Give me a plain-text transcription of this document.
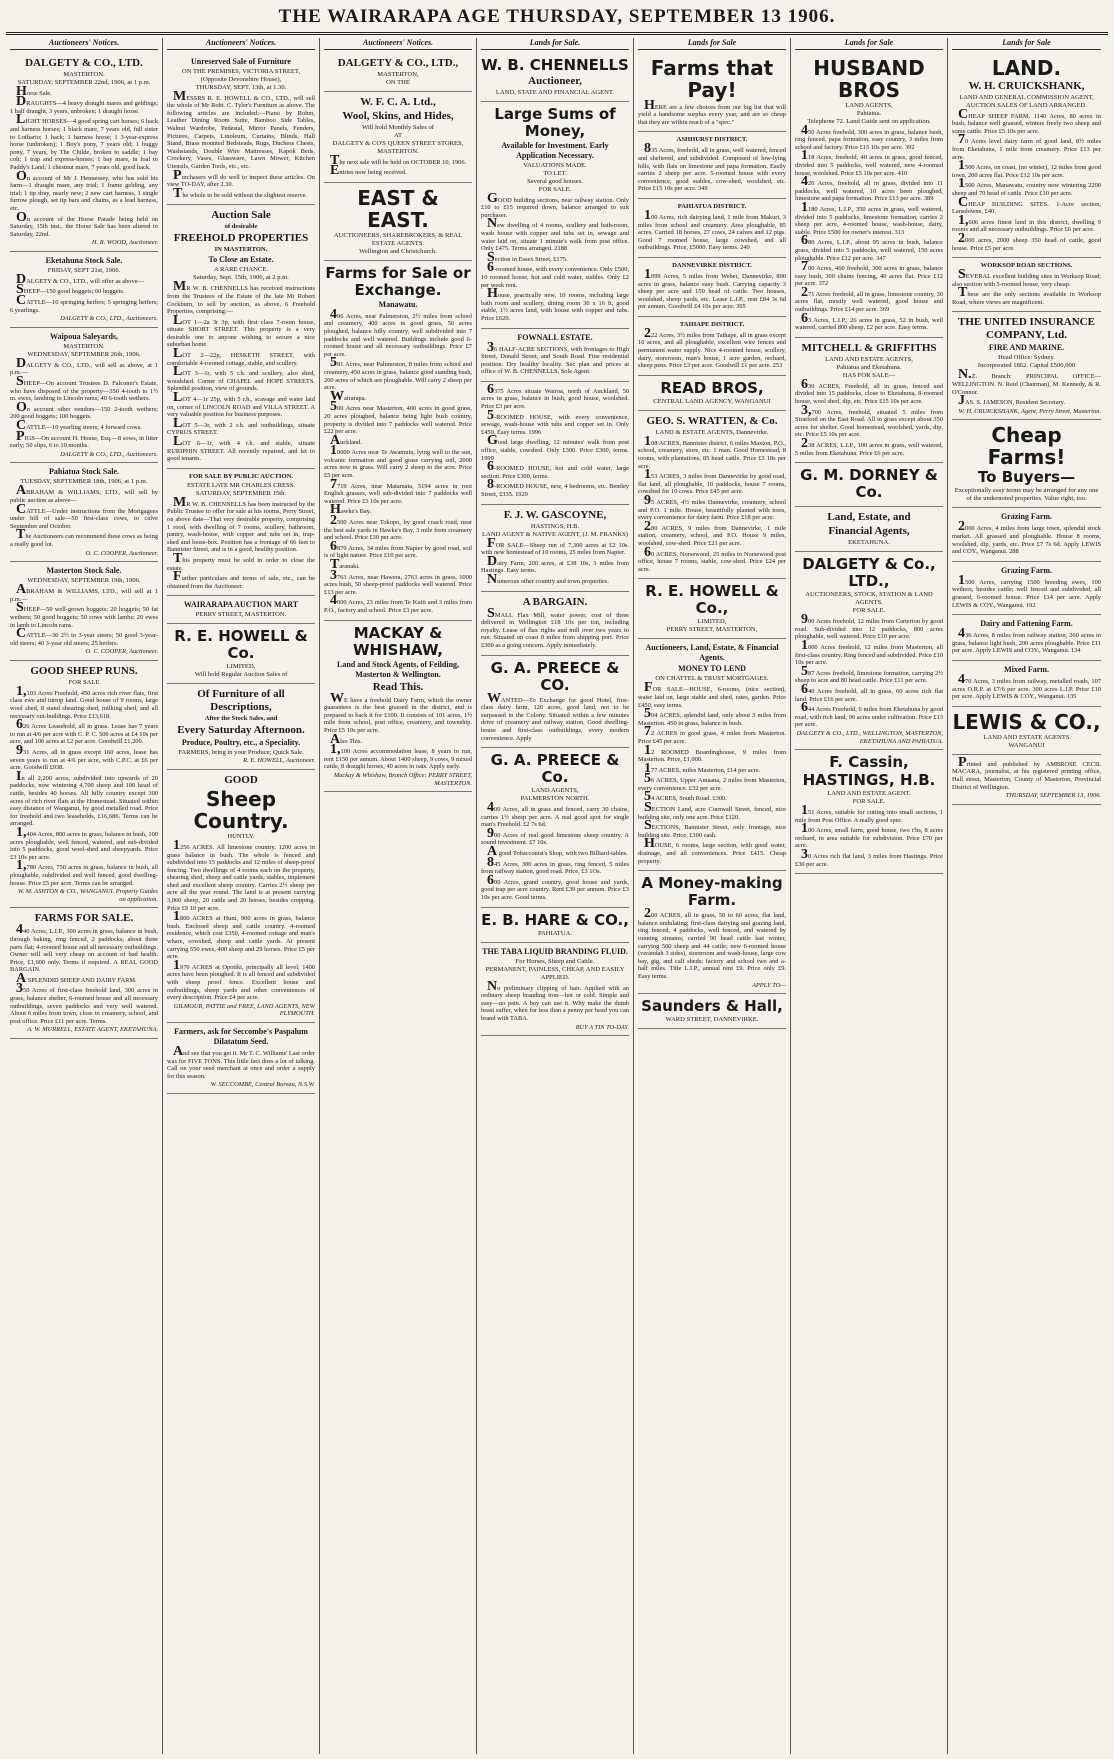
THE WAIRARAPA AGE THURSDAY, SEPTEMBER 13 1906.
Auctioneers' Notices.
DALGETY & CO., LTD.
MASTERTON.
SATURDAY, SEPTEMBER 22nd, 1906, at 1 p.m.
Horse Sale.
DRAUGHTS—4 heavy draught mares and geldings; 1 half draught, 3 years, unbroken; 1 draught horse.
LIGHT HORSES—4 good spring cart horses; 6 hack and harness horses; 1 black mare, 7 years old, full sister to Lothario; 1 hack; 1 harness horse; 1 3-year-express horse (unbroken); 1 Boy's pony, 7 years old; 1 buggy pony, 7 years, by The Childe, broken to saddle; 1 bay colt; 1 trap and express-horses; 1 bay mare, in foal to Paddy's Land; 1 chestnut mare, 7 years old, good hack.
On account of Mr J. Hennessey, who has sold his farm—1 draught mare, any trial; 1 frame gelding, any trial; 1 tip dray, nearly new; 2 new cart harness, 1 single furrow plough, set tip bars and chains, as a lead harness, etc.
On account of the Horse Parade being held on Saturday, 15th inst., the Horse Sale has been altered to Saturday, 22nd.
H. R. WOOD, Auctioneer.
Eketahuna Stock Sale.
FRIDAY, SEPT 21st, 1906.
DALGETY & CO., LTD., will offer as above—
SHEEP—150 good hoggets; 60 hoggets.
CATTLE—10 springing heifers; 5 springing heifers; 6 yearlings.
DALGETY & CO., LTD., Auctioneers.
Waipoua Saleyards,
MASTERTON.
WEDNESDAY, SEPTEMBER 26th, 1906.
DALGETY & CO., LTD., will sell as above, at 1 p.m.—
SHEEP—On account Trustees D. Falconer's Estate, who have disposed of the property—350 4-tooth to 1½ m. ewes, lambing to Lincoln rams; 40 6-tooth wethers.
On account other vendors—150 2-tooth wethers; 200 good hoggets; 100 hoggets.
CATTLE—10 yearling steers; 4 forward cows.
PIGS—On account H. House, Esq.—8 sows, in litter early; 50 slips, 6 to 10 months.
DALGETY & CO., LTD., Auctioneers.
Pahiatua Stock Sale.
TUESDAY, SEPTEMBER 18th, 1906, at 1 p.m.
ABRAHAM & WILLIAMS, LTD., will sell by public auction as above—
CATTLE—Under instructions from the Mortgagees under bill of sale—50 first-class cows, to calve September and October.
The Auctioneers can recommend these cows as being a really good lot.
O. C. COOPER, Auctioneer.
Masterton Stock Sale.
WEDNESDAY, SEPTEMBER 19th, 1906.
ABRAHAM & WILLIAMS, LTD., will sell at 1 p.m.—
SHEEP—50 well-grown hoggets; 20 hoggets; 50 fat wethers; 50 good hoggets; 50 cows with lambs; 20 ewes in lamb to Lincoln rams.
CATTLE—30 2½ to 3-year steers; 50 good 3-year-old steers; 40 3-year old steers; 25 heifers.
O. C. COOPER, Auctioneer.
GOOD SHEEP RUNS.
FOR SALE
1,103 Acres Freehold, 450 acres rich river flats, first class ewe and turnip land. Good house of 9 rooms, large wool shed, 8 stand shearing shed, milking shed, and all necessary out-buildings. Price £13,618.
626 Acres Leasehold, all in grass. Lease has 7 years to run at 4/6 per acre with C. P. C. 500 acres at £4 10s per acre, and 100 acres at £2 per acre. Goodwill £1,200.
931 Acres, all in grass except 160 acres, lease has seven years to run at 4/6 per acre, with C.P.C. at £6 per acre. Goodwill £938.
In all 2,200 acres, subdivided into upwards of 20 paddocks, now wintering 4,700 sheep and 100 head of cattle, besides 40 horses. All hilly country except 300 acres of rich river flats at the Homestead. Situated within easy distance of Wanganui, by good metalled road. Price for freehold and two leaseholds, £16,686. Terms can be arranged.
1,404 Acres, 800 acres in grass, balance in bush, 100 acres ploughable, well fenced, watered, and sub-divided into 5 paddocks, good wool-shed and sheepyards. Price £3 10s per acre.
1,780 Acres, 750 acres in grass, balance in bush, all ploughable, subdivided and well fenced, good dwelling-house. Price £5 per acre. Terms can be arranged.
W. M. ASHTON & CO., WANGANUI. Property Guides on application.
FARMS FOR SALE.
440 Acres, L.I.P., 300 acres in grass, balance in bush, through baking, ring fenced, 2 paddocks, about three parts flat; 4-roomed house and all necessary outbuildings. Owner will sell very cheap on account of bad health. Price, £1,600 only. Terms if required. A REAL GOOD BARGAIN.
A SPLENDID SHEEP AND DAIRY FARM.
350 Acres of first-class freehold land, 300 acres in grass, balance shelter, 6-roomed house and all necessary outbuildings, seven paddocks and very well watered. About 6 miles from town, close to creamery, school, and post office. Price £11 per acre. Terms.
A. W. MURRELL, ESTATE AGENT, EKETAHUNA.
Auctioneers' Notices.
Unreserved Sale of Furniture
ON THE PREMISES, VICTORIA STREET,
(Opposite Devonshire House),
THURSDAY, SEPT. 13th, at 1.30.
MESSRS R. E. HOWELL & CO., LTD., will sell the whole of Mr Robt. C. Tyler's Furniture as above. The following articles are included:—Piano by Rohm, Leather Dining Room Suite, Bamboo Side Tables, Walnut Wardrobe, Pedestal, Mirror Panels, Fenders, Pictures, Carpets, Linoleum, Curtains, Blinds, Hall Stand, Brass mounted Bedsteads, Rugs, Duchess Chests, Washstands, Double Wire Mattresses, Kapok Beds, Crockery, Vases, Glassware, Lawn Mower, Kitchen Utensils, Garden Tools, etc., etc.
Purchasers will do well to inspect these articles. On view TO-DAY, after 2.30.
The whole to be sold without the slightest reserve.
Auction Sale
of desirable
FREEHOLD PROPERTIES
IN MASTERTON.
To Close an Estate.
A RARE CHANCE.
Saturday, Sept. 15th, 1906, at 2 p.m.
MR W. B. CHENNELLS has received instructions from the Trustees of the Estate of the late Mr Robert Cockburn, to sell by auction, as above, 6 Freehold Properties, comprising:—
LOT 1—2a 3r 3p, with first class 7-room house, situate SHORT STREET. This property is a very desirable one to anyone wishing to secure a nice suburban home.
LOT 2—22p, HESKETH STREET, with comfortable 4-roomed cottage, stable, and scullery.
LOT 3—1r, with 5 r.h. and scullery, also shed, woodshed. Corner of CHAPEL and HOPE STREETS. Splendid position, view of grounds.
LOT 4—1r 25p, with 5 r.h., scavage and water laid on, corner of LINCOLN ROAD and VILLA STREET. A very valuable position for business purposes.
LOT 5—3r, with 2 r.h. and outbuildings, situate CYPRUS STREET.
LOT 6—1r, with 4 r.h. and stable, situate RURIPHIN STREET. All recently repaired, and let to good tenants.
FOR SALE BY PUBLIC AUCTION.
ESTATE LATE MR CHARLES CRESS.
SATURDAY, SEPTEMBER 15th.
MR W. B. CHENNELLS has been instructed by the Public Trustee to offer for sale at his rooms, Perry Street, on above date—That very desirable property, comprising 1 rood, with dwelling of 7 rooms, scullery, bathroom, pantry, wash-house, with copper and tubs set in, trap-shed and loose-box. Position has a frontage of 66 feet to Bannister Street, and is in a good, healthy position.
This property must be sold in order to close the estate.
Further particulars and terms of sale, etc., can be obtained from the Auctioneer.
WAIRARAPA AUCTION MART
PERRY STREET, MASTERTON.
R. E. HOWELL & Co.
LIMITED,
Will hold Regular Auction Sales of
Of Furniture of all Descriptions,
After the Stock Sales, and
Every Saturday Afternoon.
Produce, Poultry, etc., a Speciality.
FARMERS, bring in your Produce; Quick Sale.
R. E. HOWELL, Auctioneer.
GOOD
Sheep Country.
HUNTLY.
1256 ACRES. All limestone country. 1200 acres in grass balance in bush. The whole is fenced and subdivided into 15 paddocks and 12 miles of sheep-proof fencing. Two dwellings of 4 rooms each on the property, shearing shed, sheep and cattle yards, stables, implement shed and excellent sheep country. Carries 2½ sheep per acre all the year round. The land is at present carrying 3,060 sheep, 20 cattle and 20 horses, besides cropping. Price £9 10 per acre.
1800 ACRES at Hunt, 900 acres in grass, balance bush. Enclosed sheep and cattle country. 4-roomed residence, which cost £350, 4-roomed cottage and man's whare, cowshed, sheep and cattle yards. At present carrying 550 ewes, 400 sheep and 29 horses. Price £5 per acre.
1970 ACRES at Opotiki, principally all level, 1400 acres have been ploughed. It is all fenced and subdivided with sheep proof fence. Excellent house and outbuildings, sheep yards and other conveniences of every description. Price £4 per acre.
GILMOUR, PATTIE and FREE, LAND AGENTS, NEW PLYMOUTH.
Farmers, ask for Seccombe's Paspalum Dilatatum Seed.
And see that you get it. Mr T. C. Williams' Last order was for FIVE TONS. This little fact does a lot of talking. Call on your seed merchant at once and order a supply for this season.
W. SECCOMBE, Central Bureau, N.S.W.
Auctioneers' Notices.
DALGETY & CO., LTD.,
MASTERTON,
ON THE
W. F. C. A. Ltd.,
Wool, Skins, and Hides,
Will hold Monthly Sales of
AT
DALGETY & CO'S QUEEN STREET STORES, MASTERTON.
The next sale will be held on OCTOBER 10, 1906.
Entries now being received.
EAST & EAST.
AUCTIONEERS, SHAREBROKERS, & REAL ESTATE AGENTS.
Wellington and Christchurch.
Farms for Sale or Exchange.
Manawatu.
496 Acres, near Palmerston, 2½ miles from school and creamery, 400 acres in good grass, 50 acres ploughed, balance hilly country, well subdivided into 7 paddocks and well watered. Buildings include good 6-roomed house and all necessary outbuildings. Price £7 per acre.
581 Acres, near Palmerston, 8 miles from school and creamery, 450 acres in grass, balance good standing bush, 200 acres of which are ploughable. Will carry 2 sheep per acre.
Wairarapa.
500 Acres near Masterton, 400 acres in good grass, 20 acres ploughed, balance being light bush country, property is divided into 7 paddocks well watered. Price £22 per acre.
Auckland.
10000 Acres near Te Awamutu, lying well to the sun, volcanic formation and good grass carrying soil, 2000 acres now in grass. Will carry 2 sheep to the acre. Price £5 per acre.
7719 Acres, near Matamata, 5194 acres in root English grasses, well sub-divided into 7 paddocks well watered. Price £3 10s per acre.
Hawke's Bay.
2500 Acres near Tokopo, by good coach road, near the best sale yards in Hawke's Bay, 3 mile from creamery and school. Price £30 per acre.
6870 Acres, 34 miles from Napier by good road, soil is of light nature. Price £10 per acre.
Taranaki.
3763 Acres, near Hawera, 2763 acres in grass, 1000 acres bush, 50 sheep-proof paddocks well watered. Price £13 per acre.
4000 Acres, 23 miles from Te Kuiti and 3 miles from P.O., factory and school. Price £3 per acre.
MACKAY & WHISHAW,
Land and Stock Agents, of Feilding, Masterton & Wellington.
Read This.
WE have a freehold Dairy Farm, which the owner guarantees is the best grassed in the district, and is prepared to back it for £100. It consists of 101 acres, 1½ mile from school, post office, creamery, and township. Price £5 10s per acre.
Also This.
1,100 Acres accommodation lease, 8 years to run, rent £150 per annum. About 1400 sheep, 9 cows, 9 mixed cattle, 8 draught horses, 40 acres in oats. Apply early.
Mackay & Whishaw, Branch Office: PERRY STREET, MASTERTON.
Lands for Sale.
W. B. CHENNELLS
Auctioneer,
LAND, STATE AND FINANCIAL AGENT.
Large Sums of Money,
Available for Investment. Early Application Necessary.
VALUATIONS MADE.
TO LET.
Several good houses.
FOR SALE.
GOOD building sections, near railway station. Only £10 to £15 required down, balance arranged to suit purchaser.
New dwelling of 4 rooms, scullery and bath-room, wash house with copper and tubs set in, sewage and water laid on, situate 1 minute's walk from post office. Only £475. Terms arranged. 2188
Section in Essex Street, £175.
6-roomed house, with every convenience. Only £500, 10 roomed house, hot and cold water, stables. Only £2 per week rent.
House, practically new, 10 rooms, including large bath room and scullery, dining room 30 x 16 ft, good stable, 1½ acres land, with house with copper and tubs. Price £620.
FOWNALL ESTATE.
36 HALF-ACRE SECTIONS, with frontages to High Street, Donald Street, and South Road. Fine residential position. Dry healthy locality. Sec plan and prices at office of W. B. CHENNELLS, Sole Agent.
6375 Acres situate Wairoa, north of Auckland, 50 acres in grass, balance in bush, good house, woolshed. Price £3 per acre.
5-ROOMED HOUSE, with every convenience, sewage, wash-house with tubs and copper set in. Only £450. Easy terms. 1996
Good large dwelling, 12 minutes' walk from post office, stable, cowshed. Only £300. Price £300, terms. 1999
6-ROOMED HOUSE, hot and cold water, large section. Price £300, terms.
8-ROOMED HOUSE, new, 4 bedrooms, etc. Bentley Street, £335. 1929
F. J. W. GASCOYNE,
HASTINGS, H.B.
LAND AGENT & NATIVE AGENT, (J. M. FRANKS)
FOR SALE—Sheep run of 7,300 acres at £2 10s. with new homestead of 10 rooms, 25 miles from Napier.
Dairy Farm, 200 acres, at £38 10s, 3 miles from Hastings. Easy terms.
Numerous other country and town properties.
A BARGAIN.
SMALL Flax Mill, water power, cost of three delivered in Wellington £18 10s per ton, including royalty. Lease of flax rights and mill over two years to run. Situated on coast 8 miles from shipping port. Price £300 as a going concern. Apply immediately.
G. A. PREECE & CO.
WANTED—To Exchange for good Hotel, first-class dairy farm, 120 acres, good land, not to be surpassed in the Colony. Situated within a few minutes drive of creamery and railway station. Good dwelling-house and first-class outbuildings, every modern convenience. Apply
G. A. PREECE & Co.
LAND AGENTS,
PALMERSTON NORTH.
400 Acres, all in grass and fenced, carry 30 chains, carries 1½ sheep per acre. A real good spot for single man's Freehold. £2 7s 6d.
900 Acres of real good limestone sheep country. A sound investment. £7 10s.
A good Tobacconist's Shop, with two Billiard-tables.
845 Acres, 300 acres in grass, ring fenced, 5 miles from railway station, good road. Price, £3 1Os.
600 Acres, grand country, good house and yards, good trap per acre country. Rent £39 per annum. Price £3 10s per acre. Good terms.
E. B. HARE & CO.,
PAHIATUA.
THE TABA LIQUID BRANDING FLUID.
For Horses, Sheep and Cattle.
PERMANENT, PAINLESS, CHEAP, AND EASILY APPLIED.
No preliminary clipping of hair. Applied with an ordinary sheep branding iron—hot or cold. Simple and easy—no pain. A boy can use it. Why make the dumb beast suffer, when for less than a penny per head you can brand with TABA.
BUY A TIN TO-DAY.
Lands for Sale
Farms that Pay!
HERE are a few choices from our big list that will yield a handsome surplus every year, and are so cheap that they are within reach of a "spec."
ASHHURST DISTRICT.
835 Acres, freehold, all in grass, well watered, fenced and sheltered, and subdivided. Composed of low-lying hills, with flats on limestone and papa formation. Easily carries 2 sheep per acre. 5-roomed house with every convenience, good stables, cow-shed, woolshed, etc. Price £15 10s per acre. 349
PAHIATUA DISTRICT.
100 Acres, rich dairying land, 1 mile from Makuri, 3 miles from school and creamery. Area ploughable, 85 acres. Carried 18 horses, 27 cows, 24 calves and 12 pigs. Good 7 roomed house, large cowshed, and all outbuildings. Price, £5000. Easy terms. 240
DANNEVIRKE DISTRICT.
1099 Acres, 5 miles from Weber, Dannevirke, 800 acres in grass, balance easy bush. Carrying capacity 3 sheep per acre and 150 head of cattle. Two houses, woolshed, sheep yards, etc. Lease L.I.P., rent £84 3s 6d per annum. Goodwill £4 10s per acre. 305
TAIHAPE DISTRICT.
222 Acres, 3½ miles from Taihape, all in grass except 10 acres, and all ploughable, excellent wire fences and permanent water supply. Nice 4-roomed house, scullery, dairy, storeroom, man's house, 1 acre garden, orchard, sheep pens. Price £3 per acre. Goodwill £1 per acre. 253
READ BROS,
CENTRAL LAND AGENCY, WANGANUI
GEO. S. WRATTEN, & Co.
LAND & ESTATE AGENTS, Dannevirke.
108 ACRES, Bannister district, 6 miles Maxton, P.O., school, creamery, store, etc. 1 man. Good Homestead, 8 rooms, with plantations, 85 head cattle. Price £3 18s per acre.
153 ACRES, 3 miles from Dannevirke by good road, flat land, all ploughable, 10 paddocks, house 7 rooms, cowshed for 10 cows. Price £45 per acre.
95 ACRES, 4½ miles Dannevirke, creamery, school and P.O. 1 mile. House, beautifully planted with trees, every convenience for dairy farm. Price £18 per acre.
280 ACRES, 9 miles from Dannevirke, 1 mile station, creamery, school, and P.O. House 9 miles, woolshed, cow-shed. Price £21 per acre.
60 ACRES, Norsewood, 25 miles to Norsewood post office, house 7 rooms, stable, cow-shed. Price £24 per acre.
R. E. HOWELL & Co.,
LIMITED,
PERRY STREET, MASTERTON,
Auctioneers, Land, Estate, & Financial Agents.
MONEY TO LEND
ON CHATTEL & TRUST MORTGAGES.
FOR SALE—HOUSE, 6-rooms, (nice section), water laid on, large stable and shed, rates, garden. Price £450, easy terms.
504 ACRES, splendid land, only about 3 miles from Masterton. 450 in grass, balance in bush.
72 ACRES in good grass, 4 miles from Masterton. Price £45 per acre.
12 ROOMED Boardinghouse, 9 miles from Masterton. Price, £1,000.
177 ACRES, miles Masterton, £14 per acre.
56 ACRES, Upper Amaana, 2 miles from Masterton, every convenience. £32 per acre.
54 ACRES, South Road. £300.
SECTION Land, acre Cornwall Street, fenced, nice building site, only one acre. Price £120.
SECTIONS, Bannister Street, only frontage, nice building site. Price, £100 cash.
HOUSE, 6 rooms, large section, with good water, drainage, and all conveniences. Price £415. Cheap property.
A Money-making Farm.
200 ACRES, all in grass, 50 to 60 acres, flat land, balance undulating; first-class dairying and grazing land, ring fenced, 4 paddocks, well fenced, and watered by running streams; carried 90 head cattle last winter, carrying 500 sheep and 44 cattle; new 6-roomed house (verandah 3 sides), storeroom and wash-house, large cow bay, gig, and calf sheds; factory and school two and a-half miles. Title L.I.P., annual rent £9. Price only £9. Easy terms.
APPLY TO—
Saunders & Hall,
WARD STREET, DANNEVIRKE.
Lands for Sale
HUSBAND BROS
LAND AGENTS,
Pahiatua.
Telephone 72. Land Guide sent on application.
450 Acres freehold, 300 acres in grass, balance bush, ring fenced, papa formation, easy country, 3 miles from school and factory. Price £15 10s per acre. 392
118 Acres, freehold, 40 acres in grass, good fenced, divided into 5 paddocks, well watered, new 4-roomed house, woolshed. Price £5 10s per acre. 410
420 Acres, freehold, all in grass, divided into 11 paddocks, well watered, 10 acres been ploughed, limestone and papa formation. Price £13 per acre. 389
1180 Acres, L.I.P., 350 acres in grass, well watered, divided into 5 paddocks, limestone formation, carries 2 sheep per acre, 4-roomed house, wash-house, dairy, stable. Price £500 for owner's interest. 313
680 Acres, L.I.P., about 95 acres in bush, balance grass, divided into 5 paddocks, well watered, 150 acres ploughable. Price £12 per acre. 347
700 Acres, 460 freehold, 300 acres in grass, balance easy bush, 300 chains fencing, 40 acres flat. Price £12 per acre. 372
271 Acres freehold, all in grass, limestone country, 30 acres flat, mostly well watered, good house and outbuildings. Price £14 per acre. 369
63 Acres, L.I.P., 26 acres in grass, 52 in bush, well watered, carried 800 sheep. £2 per acre. Easy terms.
MITCHELL & GRIFFITHS
LAND AND ESTATE AGENTS,
Pahiatua and Eketahuna.
HAS FOR SALE—
630 ACRES, Freehold, all in grass, fenced and divided into 15 paddocks, close to Eketahuna, 8-roomed house, wool shed, dip, etc. Price £15 10s per acre.
3,700 Acres, freehold, situated 5 miles from Stratford on the East Road. All in grass except about 350 acres for shelter. Good homestead, woolshed, yards, dip, etc. Price £5 10s per acre.
238 ACRES, L.I.P., 100 acres in grass, well watered, 5 miles from Eketahuna. Price £6 per acre.
G. M. DORNEY & Co.
Land, Estate, and
Financial Agents,
EKETAHUNA.
DALGETY & Co., LTD.,
AUCTIONEERS, STOCK, STATION & LAND AGENTS.
FOR SALE.
900 Acres freehold, 12 miles from Carterton by good road. Sub-divided into 12 paddocks, 800 acres ploughable, well watered. Price £10 per acre.
1000 Acres freehold, 12 miles from Masterton, all first-class country. Ring fenced and subdivided. Price £10 10s per acre.
587 Acres freehold, limestone formation, carrying 2½ sheep to acre and 80 head cattle. Price £11 per acre.
640 Acres freehold, all in grass, 60 acres rich flat land. Price £16 per acre.
644 Acres Freehold, 6 miles from Eketahuna by good road, with rich land, 90 acres under cultivation. Price £13 per acre.
DALGETY & CO., LTD., WELLINGTON, MASTERTON, EKETAHUNA AND PAHIATUA.
F. Cassin,
HASTINGS, H.B.
LAND AND ESTATE AGENT.
FOR SALE.
151 Acres, suitable for cutting into small sections, 1 mile from Post Office. A really good spec.
100 Acres, small farm, good house, two r'hs, 8 acres orchard, in area suitable for subdivision. Price £70 per acre.
30 Acres rich flat land, 3 miles from Hastings. Price £30 per acre.
Lands for Sale
LAND.
W. H. CRUICKSHANK,
LAND AND GENERAL COMMISSION AGENT, AUCTION SALES OF LAND ARRANGED.
CHEAP SHEEP FARM. 1140 Acres, 80 acres in bush, balance well grassed, winters freely two sheep and some cattle. Price £5 10s per acre.
70 Acres level dairy farm of good land, 8½ miles from Eketahuna, 1 mile from creamery. Price £13 per acre.
1500 Acres, on coast, (no winter), 12 miles from good town, 200 acres flat. Price £12 10s per acre.
1500 Acres, Manawatu, country now wintering 2200 sheep and 70 head of cattle. Price £10 per acre.
CHEAP BUILDING SITES. 1-Acre section, Lansdowne, £40.
1,606 acres finest land in this district, dwelling 9 rooms and all necessary outbuildings. Price £6 per acre.
2000 acres, 2000 sheep 350 head of cattle, good house. Price £5 per acre.
WORKSOP ROAD SECTIONS.
SEVERAL excellent building sites in Worksop Road; also section with 5-roomed house, very cheap.
These are the only sections available in Worksop Road, where views are magnificent.
THE UNITED INSURANCE COMPANY, Ltd.
FIRE AND MARINE.
Head Office: Sydney.
Incorporated 1862. Capital £500,000
N.Z. Branch: PRINCIPAL OFFICE—WELLINGTON. N. Reid (Chairman), M. Kennedy, & R. O'Connor.
JAS. S. JAMESON, Resident Secretary.
W. H. CRUICKSHANK, Agent, Perry Street, Masterton.
Cheap Farms!
To Buyers—
Exceptionally easy terms may be arranged for any one of the undernoted properties. Value right, too.
Grazing Farm.
2000 Acres, 4 miles from large town, splendid stock market. All grassed and ploughable. House 8 rooms, woolshed, dip, yards, etc. Price £7 7s 6d. Apply LEWIS and COY., Wanganui. 288
Grazing Farm.
1500 Acres, carrying 1500 breeding ewes, 100 wethers, besides cattle; well fenced and subdivided, all grassed, 6-roomed house. Price £14 per acre. Apply LEWIS & COY., Wanganui. 192
Dairy and Fattening Farm.
436 Acres, 8 miles from railway station, 260 acres in grass, balance light bush, 200 acres ploughable. Price £11 per acre. Apply LEWIS and COY., Wanganui. 134
Mixed Farm.
470 Acres, 3 miles from railway, metalled roads, 107 acres O.R.P. at £7/6 per acre. 300 acres L.I.P. Price £10 per acre. Apply LEWIS & COY., Wanganui. 135
LEWIS & CO.,
LAND AND ESTATE AGENTS
WANGANUI
Printed and published by AMBROSE CECIL MACARA, journalist, at his registered printing office, Hall street, Masterton, County of Masterton, Provincial District of Wellington.
THURSDAY, SEPTEMBER 13, 1906.
